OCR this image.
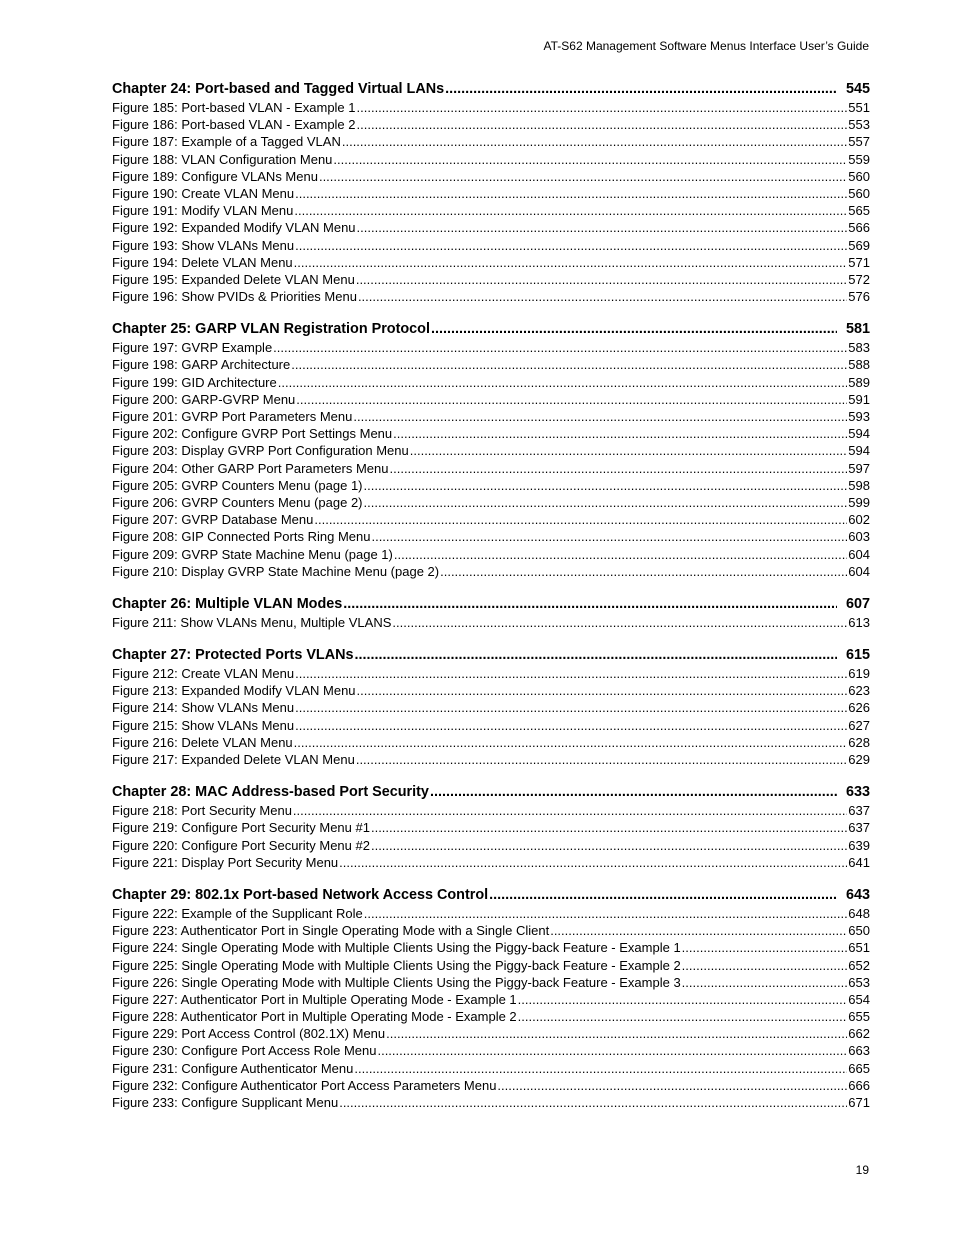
AT-S62 Management Software Menus Interface User’s Guide
Chapter 24: Port-based and Tagged Virtual LANs .....	545
Figure 185: Port-based VLAN - Example 1 .....	551
Figure 186: Port-based VLAN - Example 2 .....	553
Figure 187: Example of a Tagged VLAN .....	557
Figure 188: VLAN Configuration Menu .....	559
Figure 189: Configure VLANs Menu .....	560
Figure 190: Create VLAN Menu .....	560
Figure 191: Modify VLAN Menu .....	565
Figure 192: Expanded Modify VLAN Menu .....	566
Figure 193: Show VLANs Menu .....	569
Figure 194: Delete VLAN Menu .....	571
Figure 195: Expanded Delete VLAN Menu .....	572
Figure 196: Show PVIDs & Priorities Menu .....	576
Chapter 25: GARP VLAN Registration Protocol .....	581
Figure 197: GVRP Example .....	583
Figure 198: GARP Architecture .....	588
Figure 199: GID Architecture .....	589
Figure 200: GARP-GVRP Menu .....	591
Figure 201: GVRP Port Parameters Menu .....	593
Figure 202: Configure GVRP Port Settings Menu .....	594
Figure 203: Display GVRP Port Configuration Menu .....	594
Figure 204: Other GARP Port Parameters Menu .....	597
Figure 205: GVRP Counters Menu (page 1) .....	598
Figure 206: GVRP Counters Menu (page 2) .....	599
Figure 207: GVRP Database Menu .....	602
Figure 208: GIP Connected Ports Ring Menu .....	603
Figure 209: GVRP State Machine Menu (page 1) .....	604
Figure 210: Display GVRP State Machine Menu (page 2) .....	604
Chapter 26: Multiple VLAN Modes .....	607
Figure 211: Show VLANs Menu, Multiple VLANS .....	613
Chapter 27: Protected Ports VLANs .....	615
Figure 212: Create VLAN Menu .....	619
Figure 213: Expanded Modify VLAN Menu .....	623
Figure 214: Show VLANs Menu .....	626
Figure 215: Show VLANs Menu .....	627
Figure 216: Delete VLAN Menu .....	628
Figure 217: Expanded Delete VLAN Menu .....	629
Chapter 28: MAC Address-based Port Security .....	633
Figure 218: Port Security Menu .....	637
Figure 219: Configure Port Security Menu #1 .....	637
Figure 220: Configure Port Security Menu #2 .....	639
Figure 221: Display Port Security Menu .....	641
Chapter 29: 802.1x Port-based Network Access Control .....	643
Figure 222: Example of the Supplicant Role .....	648
Figure 223: Authenticator Port in Single Operating Mode with a Single Client .....	650
Figure 224: Single Operating Mode with Multiple Clients Using the Piggy-back Feature - Example 1 .....	651
Figure 225: Single Operating Mode with Multiple Clients Using the Piggy-back Feature - Example 2 .....	652
Figure 226: Single Operating Mode with Multiple Clients Using the Piggy-back Feature - Example 3 .....	653
Figure 227: Authenticator Port in Multiple Operating Mode - Example 1 .....	654
Figure 228: Authenticator Port in Multiple Operating Mode - Example 2 .....	655
Figure 229: Port Access Control (802.1X) Menu .....	662
Figure 230: Configure Port Access Role Menu .....	663
Figure 231: Configure Authenticator Menu .....	665
Figure 232: Configure Authenticator Port Access Parameters Menu .....	666
Figure 233: Configure Supplicant Menu .....	671
19
